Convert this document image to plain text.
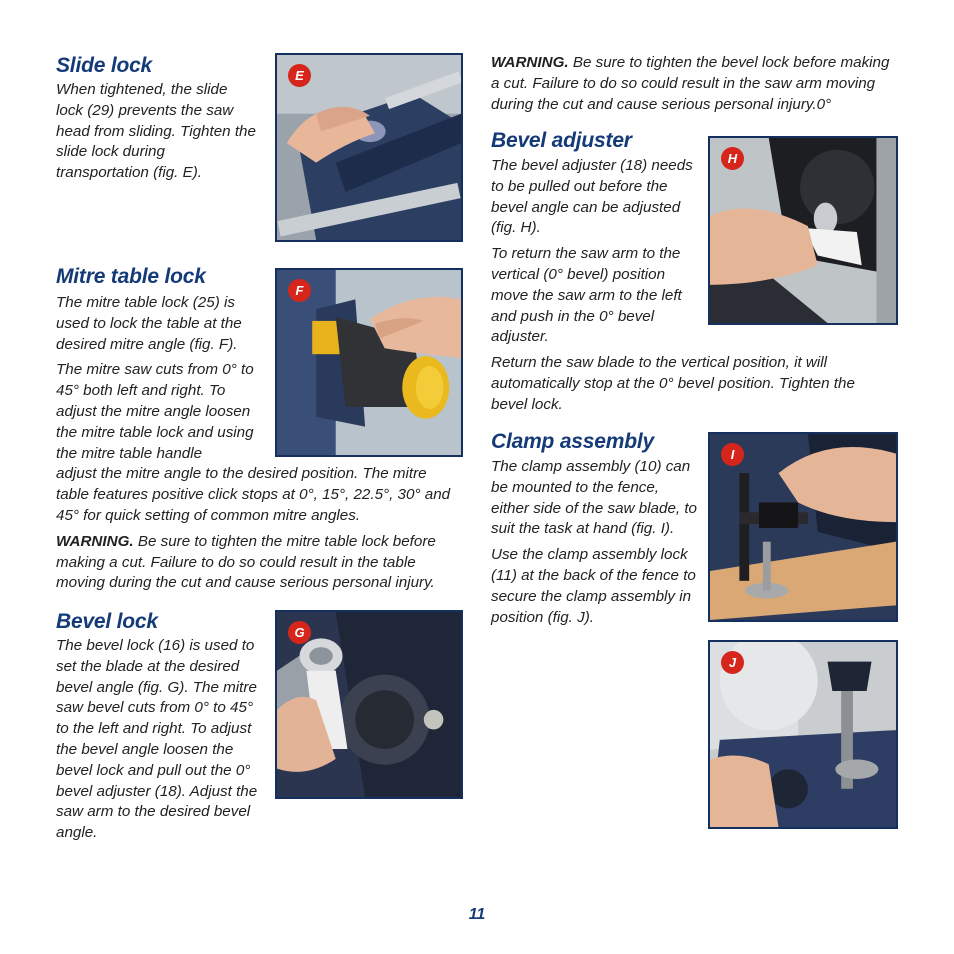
Slide lock

When tightened, the slide lock (29) prevents the saw head from sliding. Tighten the slide lock during transportation (fig. E).

E
Mitre table lock

The mitre table lock (25) is used to lock the table at the desired mitre angle (fig. F).

The mitre saw cuts from 0° to 45° both left and right. To adjust the mitre angle loosen the mitre table lock and using the mitre table handle

adjust the mitre angle to the desired position. The mitre table features positive click stops at 0°, 15°, 22.5°, 30° and 45° for quick setting of common mitre angles.

WARNING. Be sure to tighten the mitre table lock before making a cut. Failure to do so could result in the table moving during the cut and cause serious personal injury.

F
Bevel lock

The bevel lock (16) is used to set the blade at the desired bevel angle (fig. G). The mitre saw bevel cuts from 0° to 45° to the left and right. To adjust the bevel angle loosen the bevel lock and pull out the 0° bevel adjuster (18). Adjust the saw arm to the desired bevel angle.

G

WARNING. Be sure to tighten the bevel lock before making a cut. Failure to do so could result in the saw arm moving during the cut and cause serious personal injury.0°

Bevel adjuster

The bevel adjuster (18) needs to be pulled out before the bevel angle can be adjusted (fig. H).

To return the saw arm to the vertical (0° bevel) position move the saw arm to the left and push in the 0° bevel adjuster.

Return the saw blade to the vertical position, it will automatically stop at the 0° bevel position. Tighten the bevel lock.

H
Clamp assembly

The clamp assembly (10) can be mounted to the fence, either side of the saw blade, to suit the task at hand (fig. I).

Use the clamp assembly lock (11) at the back of the fence to secure the clamp assembly in position (fig. J).

I
J
11
